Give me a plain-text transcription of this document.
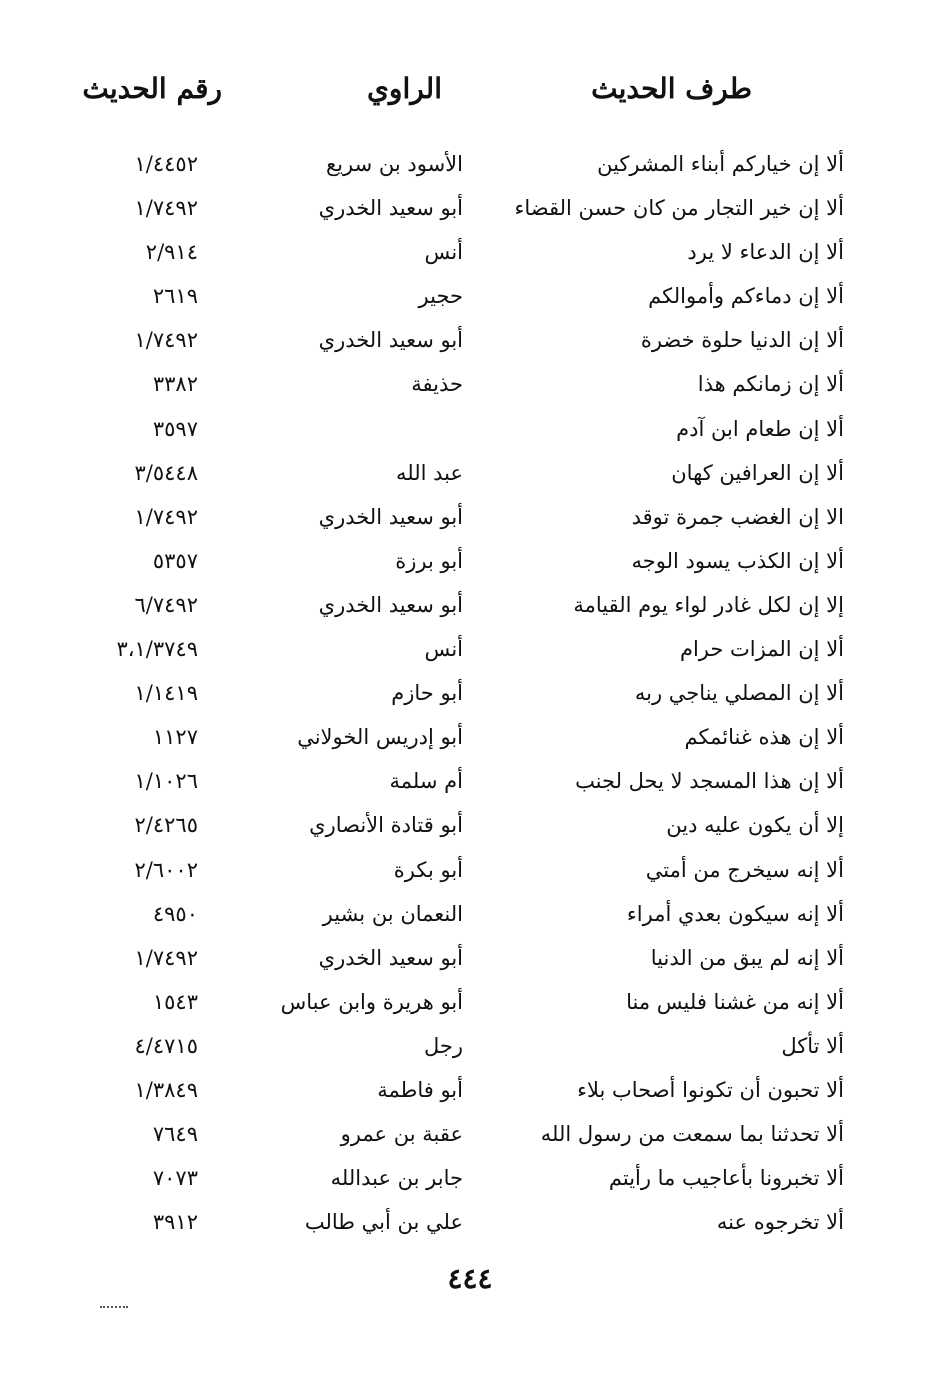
طرف الحديث
الراوي
رقم الحديث
ألا إن خياركم أبناء المشركين
الأسود بن سريع
١/٤٤٥٢
ألا إن خير التجار من كان حسن القضاء
أبو سعيد الخدري
١/٧٤٩٢
ألا إن الدعاء لا يرد
أنس
٢/٩١٤
ألا إن دماءكم وأموالكم
حجير
٢٦١٩
ألا إن الدنيا حلوة خضرة
أبو سعيد الخدري
١/٧٤٩٢
ألا إن زمانكم هذا
حذيفة
٣٣٨٢
ألا إن طعام ابن آدم
٣٥٩٧
ألا إن العرافين كهان
عبد الله
٣/٥٤٤٨
الا إن الغضب جمرة توقد
أبو سعيد الخدري
١/٧٤٩٢
ألا إن الكذب يسود الوجه
أبو برزة
٥٣٥٧
إلا إن لكل غادر لواء يوم القيامة
أبو سعيد الخدري
٦/٧٤٩٢
ألا إن المزات حرام
أنس
٣،١/٣٧٤٩
ألا إن المصلي يناجي ربه
أبو حازم
١/١٤١٩
ألا إن هذه غنائمكم
أبو إدريس الخولاني
١١٢٧
ألا إن هذا المسجد لا يحل لجنب
أم سلمة
١/١٠٢٦
إلا أن يكون عليه دين
أبو قتادة الأنصاري
٢/٤٢٦٥
ألا إنه سيخرج من أمتي
أبو بكرة
٢/٦٠٠٢
ألا إنه سيكون بعدي أمراء
النعمان بن بشير
٤٩٥٠
ألا إنه لم يبق من الدنيا
أبو سعيد الخدري
١/٧٤٩٢
ألا إنه من غشنا فليس منا
أبو هريرة وابن عباس
١٥٤٣
ألا تأكل
رجل
٤/٤٧١٥
ألا تحبون أن تكونوا أصحاب بلاء
أبو فاطمة
١/٣٨٤٩
ألا تحدثنا بما سمعت من رسول الله
عقبة بن عمرو
٧٦٤٩
ألا تخبرونا بأعاجيب ما رأيتم
جابر بن عبدالله
٧٠٧٣
ألا تخرجوه عنه
علي بن أبي طالب
٣٩١٢
٤٤٤
